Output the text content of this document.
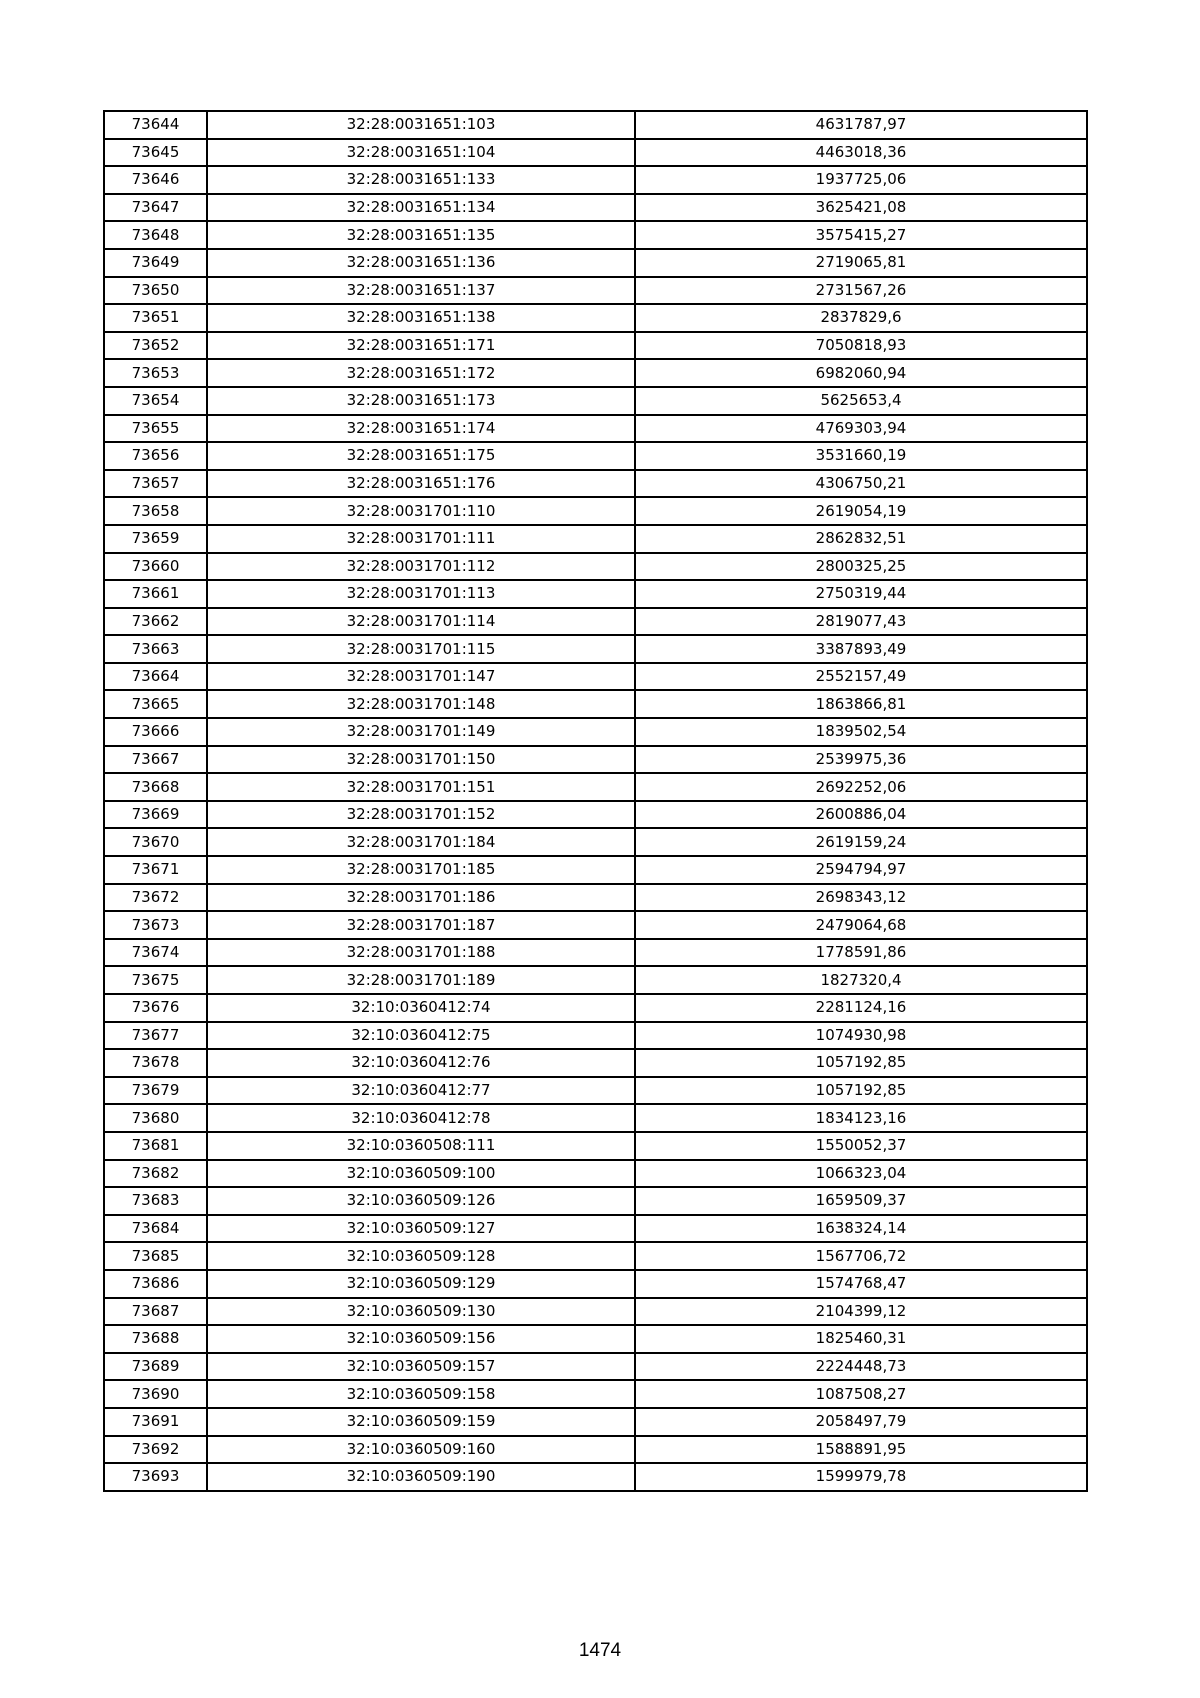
73644	32:28:0031651:103	4631787,97
73645	32:28:0031651:104	4463018,36
73646	32:28:0031651:133	1937725,06
73647	32:28:0031651:134	3625421,08
73648	32:28:0031651:135	3575415,27
73649	32:28:0031651:136	2719065,81
73650	32:28:0031651:137	2731567,26
73651	32:28:0031651:138	2837829,6
73652	32:28:0031651:171	7050818,93
73653	32:28:0031651:172	6982060,94
73654	32:28:0031651:173	5625653,4
73655	32:28:0031651:174	4769303,94
73656	32:28:0031651:175	3531660,19
73657	32:28:0031651:176	4306750,21
73658	32:28:0031701:110	2619054,19
73659	32:28:0031701:111	2862832,51
73660	32:28:0031701:112	2800325,25
73661	32:28:0031701:113	2750319,44
73662	32:28:0031701:114	2819077,43
73663	32:28:0031701:115	3387893,49
73664	32:28:0031701:147	2552157,49
73665	32:28:0031701:148	1863866,81
73666	32:28:0031701:149	1839502,54
73667	32:28:0031701:150	2539975,36
73668	32:28:0031701:151	2692252,06
73669	32:28:0031701:152	2600886,04
73670	32:28:0031701:184	2619159,24
73671	32:28:0031701:185	2594794,97
73672	32:28:0031701:186	2698343,12
73673	32:28:0031701:187	2479064,68
73674	32:28:0031701:188	1778591,86
73675	32:28:0031701:189	1827320,4
73676	32:10:0360412:74	2281124,16
73677	32:10:0360412:75	1074930,98
73678	32:10:0360412:76	1057192,85
73679	32:10:0360412:77	1057192,85
73680	32:10:0360412:78	1834123,16
73681	32:10:0360508:111	1550052,37
73682	32:10:0360509:100	1066323,04
73683	32:10:0360509:126	1659509,37
73684	32:10:0360509:127	1638324,14
73685	32:10:0360509:128	1567706,72
73686	32:10:0360509:129	1574768,47
73687	32:10:0360509:130	2104399,12
73688	32:10:0360509:156	1825460,31
73689	32:10:0360509:157	2224448,73
73690	32:10:0360509:158	1087508,27
73691	32:10:0360509:159	2058497,79
73692	32:10:0360509:160	1588891,95
73693	32:10:0360509:190	1599979,78
1474
